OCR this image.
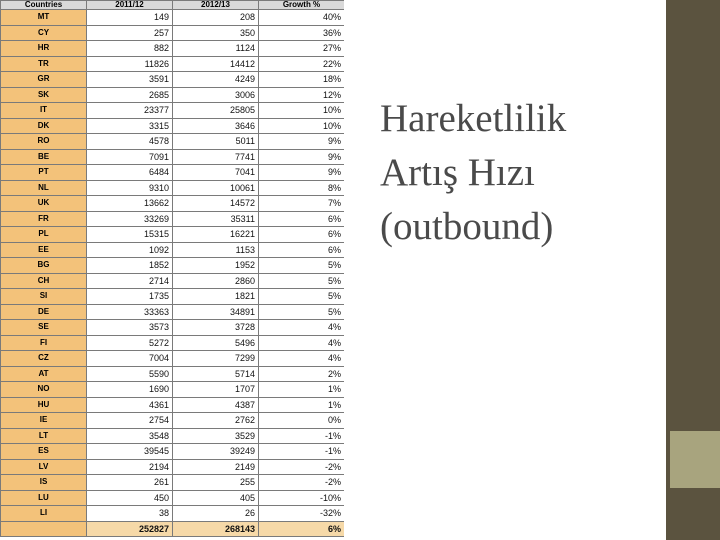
Countries	2011/12	2012/13	Growth %
MT	149	208	40%
CY	257	350	36%
HR	882	1124	27%
TR	11826	14412	22%
GR	3591	4249	18%
SK	2685	3006	12%
IT	23377	25805	10%
DK	3315	3646	10%
RO	4578	5011	9%
BE	7091	7741	9%
PT	6484	7041	9%
NL	9310	10061	8%
UK	13662	14572	7%
FR	33269	35311	6%
PL	15315	16221	6%
EE	1092	1153	6%
BG	1852	1952	5%
CH	2714	2860	5%
SI	1735	1821	5%
DE	33363	34891	5%
SE	3573	3728	4%
FI	5272	5496	4%
CZ	7004	7299	4%
AT	5590	5714	2%
NO	1690	1707	1%
HU	4361	4387	1%
IE	2754	2762	0%
LT	3548	3529	-1%
ES	39545	39249	-1%
LV	2194	2149	-2%
IS	261	255	-2%
LU	450	405	-10%
LI	38	26	-32%
	252827	268143	6%
Hareketlilik
Artış Hızı
(outbound)
